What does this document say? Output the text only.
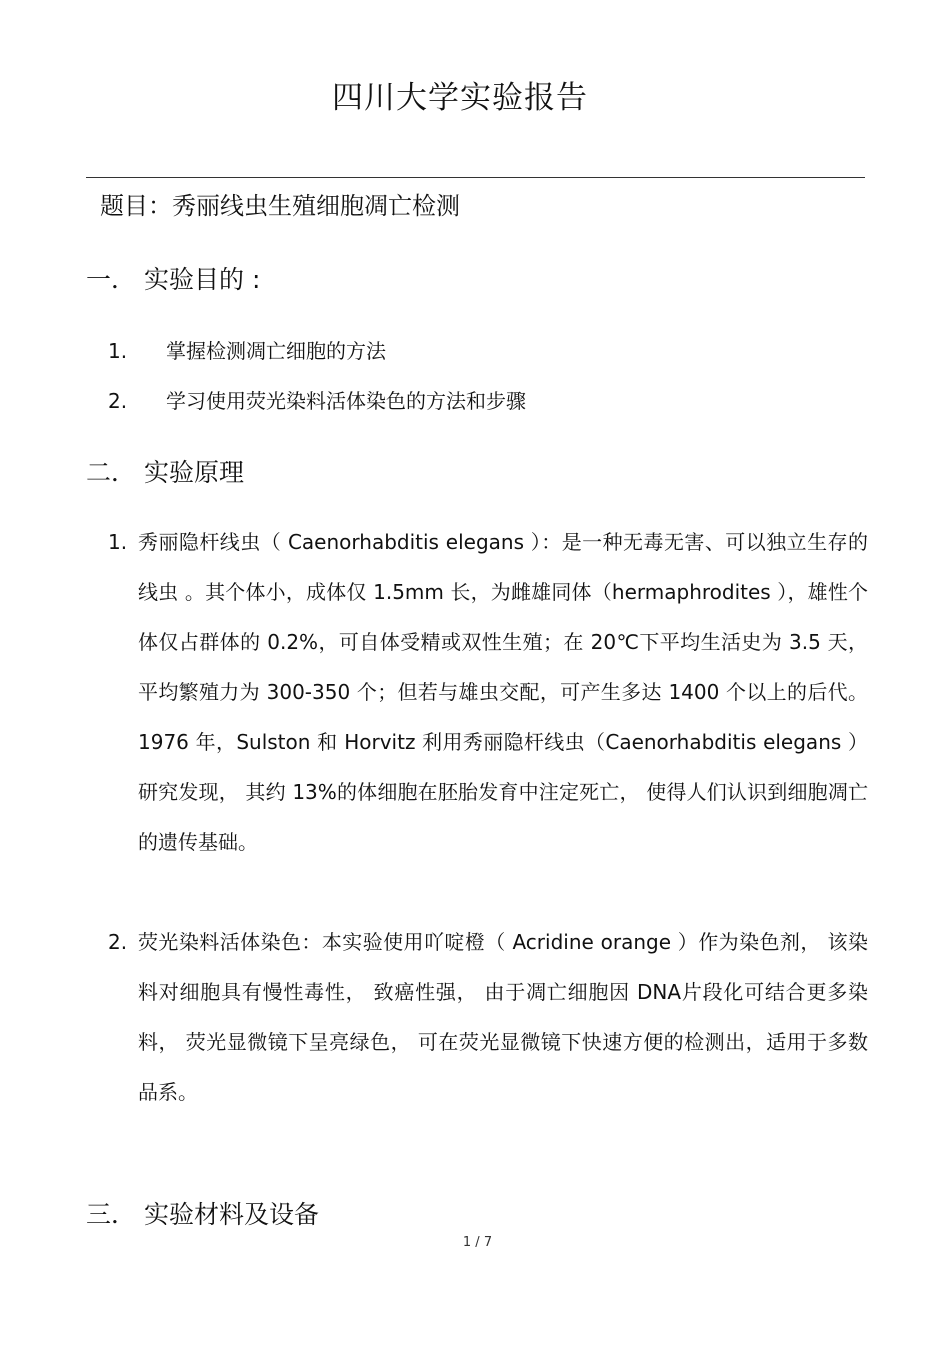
四川大学实验报告
题目：秀丽线虫生殖细胞凋亡检测
一． 实验目的 :
1. 掌握检测凋亡细胞的方法
2. 学习使用荧光染料活体染色的方法和步骤
二． 实验原理
1. 秀丽隐杆线虫（ Caenorhabditis elegans ）：是一种无毒无害、可以独立生存的线虫 。其个体小，成体仅 1.5mm 长，为雌雄同体（hermaphrodites ），雄性个体仅占群体的 0.2%，可自体受精或双性生殖；在 20℃下平均生活史为 3.5 天，平均繁殖力为 300-350 个；但若与雄虫交配，可产生多达 1400 个以上的后代。 1976 年，Sulston 和 Horvitz 利用秀丽隐杆线虫（Caenorhabditis elegans ）研究发现， 其约 13%的体细胞在胚胎发育中注定死亡， 使得人们认识到细胞凋亡的遗传基础。
2. 荧光染料活体染色：本实验使用吖啶橙（ Acridine orange ）作为染色剂， 该染料对细胞具有慢性毒性， 致癌性强， 由于凋亡细胞因 DNA片段化可结合更多染料， 荧光显微镜下呈亮绿色， 可在荧光显微镜下快速方便的检测出，适用于多数品系。
三． 实验材料及设备
1 / 7
